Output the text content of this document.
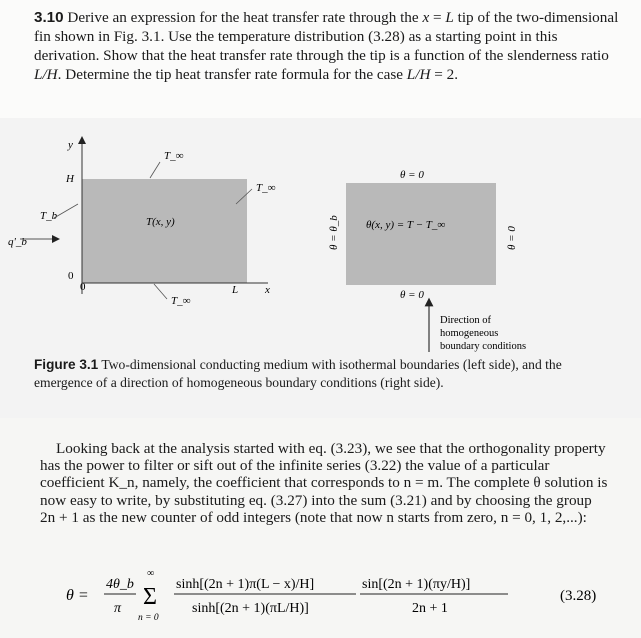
3.10 Derive an expression for the heat transfer rate through the x = L tip of the two-dimensional fin shown in Fig. 3.1. Use the temperature distribution (3.28) as a starting point in this derivation. Show that the heat transfer rate through the tip is a function of the slenderness ratio L/H. Determine the tip heat transfer rate formula for the case L/H = 2.
y
H
T_b
q'_b
0
0	L x
T_∞
T_∞
T_∞
T(x, y)
θ = 0
θ = 0
θ = θ_b	θ = 0
θ(x, y) = T − T_∞
Direction of
homogeneous
boundary conditions
Figure 3.1 Two-dimensional conducting medium with isothermal boundaries (left side), and the emergence of a direction of homogeneous boundary conditions (right side).
Looking back at the analysis started with eq. (3.23), we see that the orthogonality property has the power to filter or sift out of the infinite series (3.22) the value of a particular coefficient K_n, namely, the coefficient that corresponds to n = m. The complete θ solution is now easy to write, by substituting eq. (3.27) into the sum (3.21) and by choosing the group 2n + 1 as the new counter of odd integers (note that now n starts from zero, n = 0, 1, 2,...):
θ =
4θ_b
π
∞
Σ
n = 0
sinh[(2n + 1)π(L − x)/H]
sinh[(2n + 1)(πL/H)]
sin[(2n + 1)(πy/H)]
2n + 1
(3.28)
